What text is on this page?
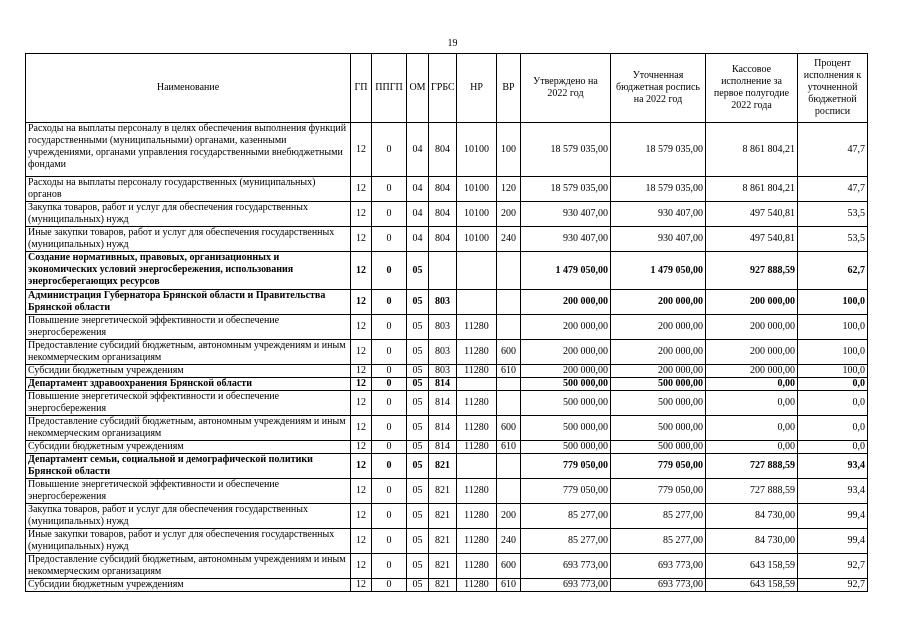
19
Наименование	ГП	ППГП	ОМ	ГРБС	НР	ВР	Утверждено на 2022 год	Уточненная бюджетная роспись на 2022 год	Кассовое исполнение за первое полугодие 2022 года	Процент исполнения к уточненной бюджетной росписи
Расходы на выплаты персоналу в целях обеспечения выполнения функций государственными (муниципальными) органами, казенными учреждениями, органами управления государственными внебюджетными фондами	12	0	04	804	10100	100	18 579 035,00	18 579 035,00	8 861 804,21	47,7
Расходы на выплаты персоналу государственных (муниципальных) органов	12	0	04	804	10100	120	18 579 035,00	18 579 035,00	8 861 804,21	47,7
Закупка товаров, работ и услуг для обеспечения государственных (муниципальных) нужд	12	0	04	804	10100	200	930 407,00	930 407,00	497 540,81	53,5
Иные закупки товаров, работ и услуг для обеспечения государственных (муниципальных) нужд	12	0	04	804	10100	240	930 407,00	930 407,00	497 540,81	53,5
Создание нормативных, правовых, организационных и экономических условий энергосбережения, использования энергосберегающих ресурсов	12	0	05				1 479 050,00	1 479 050,00	927 888,59	62,7
Администрация Губернатора Брянской области и Правительства Брянской области	12	0	05	803			200 000,00	200 000,00	200 000,00	100,0
Повышение энергетической эффективности и обеспечение энергосбережения	12	0	05	803	11280		200 000,00	200 000,00	200 000,00	100,0
Предоставление субсидий бюджетным, автономным учреждениям и иным некоммерческим организациям	12	0	05	803	11280	600	200 000,00	200 000,00	200 000,00	100,0
Субсидии бюджетным учреждениям	12	0	05	803	11280	610	200 000,00	200 000,00	200 000,00	100,0
Департамент здравоохранения Брянской области	12	0	05	814			500 000,00	500 000,00	0,00	0,0
Повышение энергетической эффективности и обеспечение энергосбережения	12	0	05	814	11280		500 000,00	500 000,00	0,00	0,0
Предоставление субсидий бюджетным, автономным учреждениям и иным некоммерческим организациям	12	0	05	814	11280	600	500 000,00	500 000,00	0,00	0,0
Субсидии бюджетным учреждениям	12	0	05	814	11280	610	500 000,00	500 000,00	0,00	0,0
Департамент семьи, социальной и демографической политики Брянской области	12	0	05	821			779 050,00	779 050,00	727 888,59	93,4
Повышение энергетической эффективности и обеспечение энергосбережения	12	0	05	821	11280		779 050,00	779 050,00	727 888,59	93,4
Закупка товаров, работ и услуг для обеспечения государственных (муниципальных) нужд	12	0	05	821	11280	200	85 277,00	85 277,00	84 730,00	99,4
Иные закупки товаров, работ и услуг для обеспечения государственных (муниципальных) нужд	12	0	05	821	11280	240	85 277,00	85 277,00	84 730,00	99,4
Предоставление субсидий бюджетным, автономным учреждениям и иным некоммерческим организациям	12	0	05	821	11280	600	693 773,00	693 773,00	643 158,59	92,7
Субсидии бюджетным учреждениям	12	0	05	821	11280	610	693 773,00	693 773,00	643 158,59	92,7
